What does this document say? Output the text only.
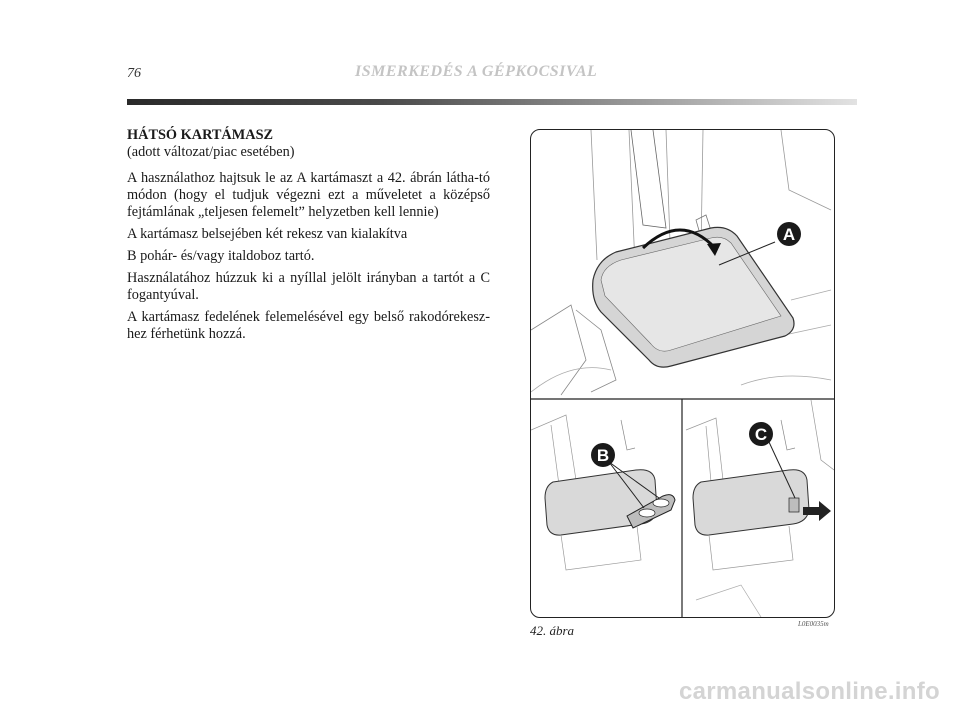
76	ISMERKEDÉS A GÉPKOCSIVAL

HÁTSÓ KARTÁMASZ

(adott változat/piac esetében)

A használathoz hajtsuk le az A kartámaszt a 42. ábrán látha-tó módon (hogy el tudjuk végezni ezt a műveletet a középső fejtámlának „teljesen felemelt” helyzetben kell lennie)

A kartámasz belsejében két rekesz van kialakítva

B pohár- és/vagy italdoboz tartó.

Használatához húzzuk ki a nyíllal jelölt irányban a tartót a C fogantyúval.

A kartámasz fedelének felemelésével egy belső rakodórekesz-hez férhetünk hozzá.

A
B
C
42. ábra	L0E0035m
carmanualsonline.info
